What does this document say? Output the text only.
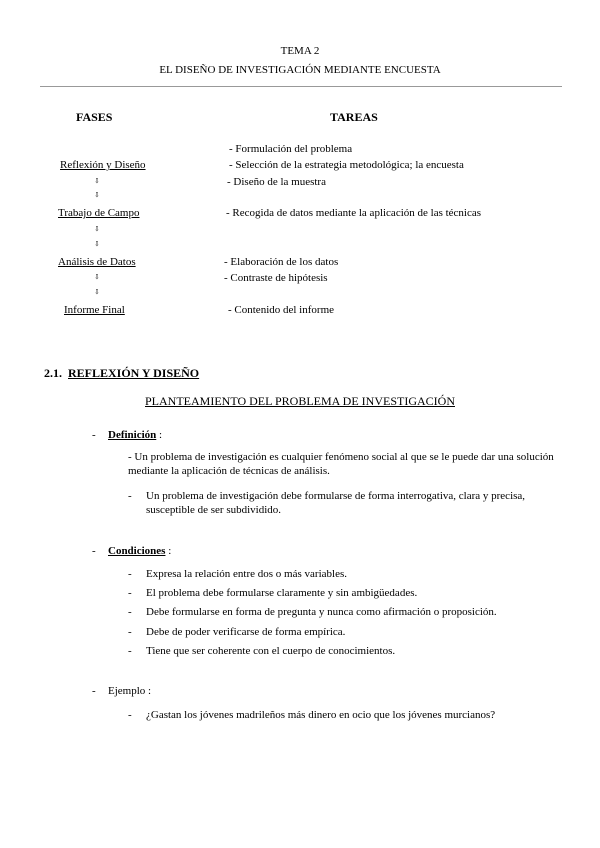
TEMA 2
EL DISEÑO DE INVESTIGACIÓN MEDIANTE ENCUESTA
FASES	TAREAS
Reflexión y Diseño
⇩
⇩
Trabajo de Campo
⇩
⇩
Análisis de Datos
⇩
⇩
Informe Final
- Formulación del problema
- Selección de la estrategia metodológica; la encuesta
- Diseño de la muestra
- Recogida de datos mediante la aplicación de las técnicas
- Elaboración de los datos
- Contraste de hipótesis
- Contenido del informe
2.1. REFLEXIÓN Y DISEÑO
PLANTEAMIENTO DEL PROBLEMA DE INVESTIGACIÓN
- Definición :
- Un problema de investigación es cualquier fenómeno social al que se le puede dar una solución mediante la aplicación de técnicas de análisis.
- Un problema de investigación debe formularse de forma interrogativa, clara y precisa, susceptible de ser subdividido.
- Condiciones :
- Expresa la relación entre dos o más variables.
- El problema debe formularse claramente y sin ambigüedades.
- Debe formularse en forma de pregunta y nunca como afirmación o proposición.
- Debe de poder verificarse de forma empírica.
- Tiene que ser coherente con el cuerpo de conocimientos.
- Ejemplo :
- ¿Gastan los jóvenes madrileños más dinero en ocio que los jóvenes murcianos?
